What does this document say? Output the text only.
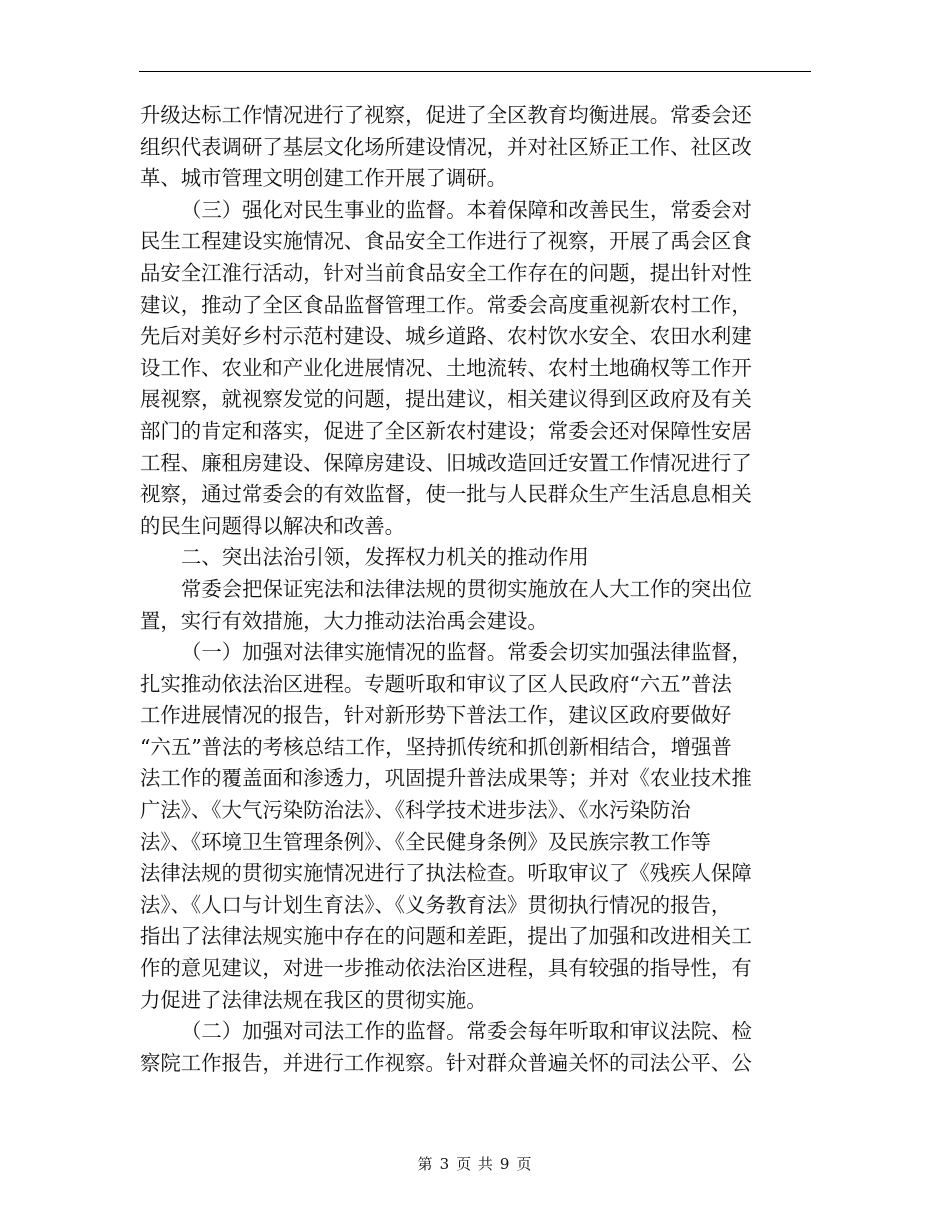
升级达标工作情况进行了视察，促进了全区教育均衡进展。常委会还
组织代表调研了基层文化场所建设情况，并对社区矫正工作、社区改
革、城市管理文明创建工作开展了调研。
（三）强化对民生事业的监督。本着保障和改善民生，常委会对
民生工程建设实施情况、食品安全工作进行了视察，开展了禹会区食
品安全江淮行活动，针对当前食品安全工作存在的问题，提出针对性
建议，推动了全区食品监督管理工作。常委会高度重视新农村工作，
先后对美好乡村示范村建设、城乡道路、农村饮水安全、农田水利建
设工作、农业和产业化进展情况、土地流转、农村土地确权等工作开
展视察，就视察发觉的问题，提出建议，相关建议得到区政府及有关
部门的肯定和落实，促进了全区新农村建设；常委会还对保障性安居
工程、廉租房建设、保障房建设、旧城改造回迁安置工作情况进行了
视察，通过常委会的有效监督，使一批与人民群众生产生活息息相关
的民生问题得以解决和改善。
二、突出法治引领，发挥权力机关的推动作用
常委会把保证宪法和法律法规的贯彻实施放在人大工作的突出位
置，实行有效措施，大力推动法治禹会建设。
（一）加强对法律实施情况的监督。常委会切实加强法律监督，
扎实推动依法治区进程。专题听取和审议了区人民政府“六五”普法
工作进展情况的报告，针对新形势下普法工作，建议区政府要做好
“六五”普法的考核总结工作，坚持抓传统和抓创新相结合，增强普
法工作的覆盖面和渗透力，巩固提升普法成果等；并对《农业技术推
广法》、《大气污染防治法》、《科学技术进步法》、《水污染防治
法》、《环境卫生管理条例》、《全民健身条例》及民族宗教工作等
法律法规的贯彻实施情况进行了执法检查。听取审议了《残疾人保障
法》、《人口与计划生育法》、《义务教育法》贯彻执行情况的报告，
指出了法律法规实施中存在的问题和差距，提出了加强和改进相关工
作的意见建议，对进一步推动依法治区进程，具有较强的指导性，有
力促进了法律法规在我区的贯彻实施。
（二）加强对司法工作的监督。常委会每年听取和审议法院、检
察院工作报告，并进行工作视察。针对群众普遍关怀的司法公平、公
第 3 页 共 9 页
